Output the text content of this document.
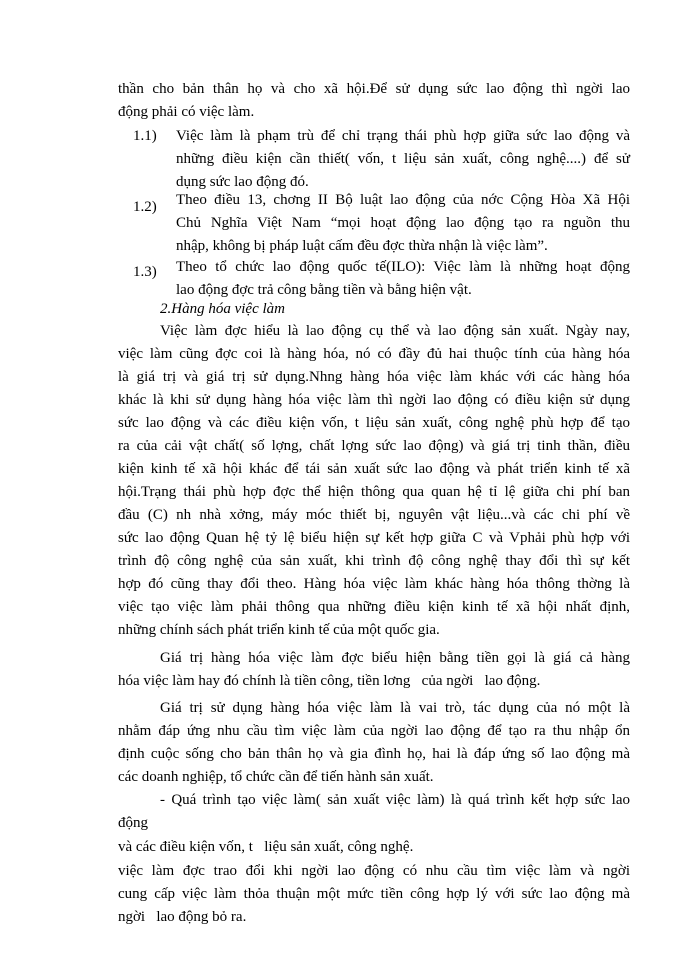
thần cho bản thân họ và cho xã hội.Để sử dụng sức lao động thì ngời lao
động phải có việc làm.
1.1) Việc làm là phạm trù để chỉ trạng thái phù hợp giữa sức lao động và
những điều kiện cần thiết( vốn, t liệu sản xuất, công nghệ....) để sử
dụng sức lao động đó.
1.2) Theo điều 13, chơng II Bộ luật lao động của nớc Cộng Hòa Xã Hội
Chủ Nghĩa Việt Nam “mọi hoạt động lao động tạo ra nguồn thu
nhập, không bị pháp luật cấm đều đợc thừa nhận là việc làm”.
1.3) Theo tổ chức lao động quốc tế(ILO): Việc làm là những hoạt động
lao động đợc trả công bằng tiền và bằng hiện vật.
2.Hàng hóa việc làm
Việc làm đợc hiểu là lao động cụ thể và lao động sản xuất. Ngày nay,
việc làm cũng đợc coi là hàng hóa, nó có đầy đủ hai thuộc tính của hàng hóa
là giá trị và giá trị sử dụng.Nhng hàng hóa việc làm khác với các hàng hóa
khác là khi sử dụng hàng hóa việc làm thì ngời lao động có điều kiện sử dụng
sức lao động và các điều kiện vốn, t liệu sản xuất, công nghệ phù hợp để tạo
ra của cải vật chất( số lợng, chất lợng sức lao động) và giá trị tinh thần, điều
kiện kinh tế xã hội khác để tái sản xuất sức lao động và phát triển kinh tế xã
hội.Trạng thái phù hợp đợc thể hiện thông qua quan hệ tỉ lệ giữa chi phí ban
đầu (C) nh nhà xởng, máy móc thiết bị, nguyên vật liệu...và các chi phí về
sức lao động Quan hệ tỷ lệ biểu hiện sự kết hợp giữa C và Vphải phù hợp với
trình độ công nghệ của sản xuất, khi trình độ công nghệ thay đổi thì sự kết
hợp đó cũng thay đổi theo. Hàng hóa việc làm khác hàng hóa thông thờng là
việc tạo việc làm phải thông qua những điều kiện kinh tế xã hội nhất định,
những chính sách phát triển kinh tế của một quốc gia.
Giá trị hàng hóa việc làm đợc biểu hiện bằng tiền gọi là giá cả hàng
hóa việc làm hay đó chính là tiền công, tiền lơng   của ngời   lao động.
Giá trị sử dụng hàng hóa việc làm là vai trò, tác dụng của nó một là
nhằm đáp ứng nhu cầu tìm việc làm của ngời lao động để tạo ra thu nhập ổn
định cuộc sống cho bản thân họ và gia đình họ, hai là đáp ứng số lao động mà
các doanh nghiệp, tổ chức cần để tiến hành sản xuất.
- Quá trình tạo việc làm( sản xuất việc làm) là quá trình kết hợp sức lao
động
và các điều kiện vốn, t   liệu sản xuất, công nghệ.
việc làm đợc trao đổi khi ngời lao động có nhu cầu tìm việc làm và ngời
cung cấp việc làm thỏa thuận một mức tiền công hợp lý với sức lao động mà
ngời   lao động bỏ ra.
